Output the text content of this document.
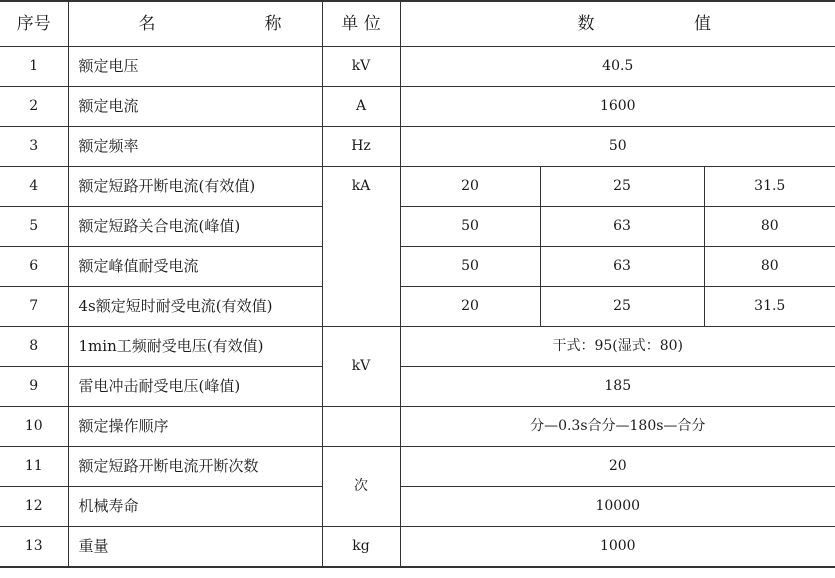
序号	名 称	单 位	数 值		

1	额定电压	kV	40.5		
2	额定电流	A	1600		
3	额定频率	Hz	50		
4	额定短路开断电流(有效值)	kA	20	25	31.5
5	额定短路关合电流(峰值)		50	63	80
6	额定峰值耐受电流		50	63	80
7	4s额定短时耐受电流(有效值)		20	25	31.5
8	1min工频耐受电压(有效值)	kV	干式：95(湿式：80)		
9	雷电冲击耐受电压(峰值)		185		
10	额定操作顺序		分—0.3s合分—180s—合分		
11	额定短路开断电流开断次数	次	20		
12	机械寿命		10000		
13	重量	kg	1000		
